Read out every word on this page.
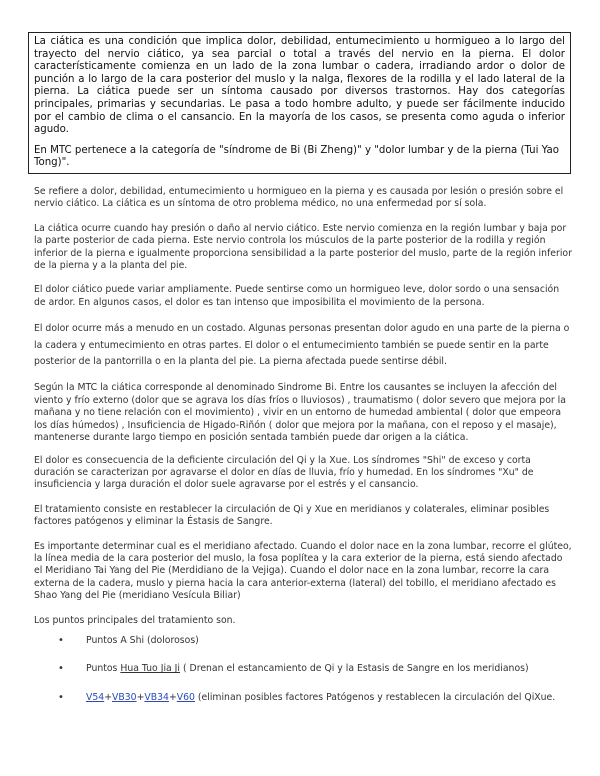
La ciática es una condición que implica dolor, debilidad, entumecimiento u hormigueo a lo largo del trayecto del nervio ciático, ya sea parcial o total a través del nervio en la pierna. El dolor característicamente comienza en un lado de la zona lumbar o cadera, irradiando ardor o dolor de punción a lo largo de la cara posterior del muslo y la nalga, flexores de la rodilla y el lado lateral de la pierna. La ciática puede ser un síntoma causado por diversos trastornos. Hay dos categorías principales, primarias y secundarias. Le pasa a todo hombre adulto, y puede ser fácilmente inducido por el cambio de clima o el cansancio. En la mayoría de los casos, se presenta como aguda o inferior agudo.

En MTC pertenece a la categoría de "síndrome de Bi (Bi Zheng)" y "dolor lumbar y de la pierna (Tui Yao Tong)".

Se refiere a dolor, debilidad, entumecimiento u hormigueo en la pierna y es causada por lesión o presión sobre el nervio ciático. La ciática es un síntoma de otro problema médico, no una enfermedad por sí sola.

La ciática ocurre cuando hay presión o daño al nervio ciático. Este nervio comienza en la región lumbar y baja por la parte posterior de cada pierna. Este nervio controla los músculos de la parte posterior de la rodilla y región inferior de la pierna e igualmente proporciona sensibilidad a la parte posterior del muslo, parte de la región inferior de la pierna y a la planta del pie.

El dolor ciático puede variar ampliamente. Puede sentirse como un hormigueo leve, dolor sordo o una sensación de ardor. En algunos casos, el dolor es tan intenso que imposibilita el movimiento de la persona.

El dolor ocurre más a menudo en un costado. Algunas personas presentan dolor agudo en una parte de la pierna o la cadera y entumecimiento en otras partes. El dolor o el entumecimiento también se puede sentir en la parte posterior de la pantorrilla o en la planta del pie. La pierna afectada puede sentirse débil.

Según la MTC la ciática corresponde al denominado Sindrome Bi. Entre los causantes se incluyen la afección del viento y frío externo (dolor que se agrava los días fríos o lluviosos) , traumatismo ( dolor severo que mejora por la mañana y no tiene relación con el movimiento) , vivir en un entorno de humedad ambiental ( dolor que empeora los días húmedos) , Insuficiencia de Higado-Riñón ( dolor que mejora por la mañana, con el reposo y el masaje), mantenerse durante largo tiempo en posición sentada también puede dar origen a la ciática.

El dolor es consecuencia de la deficiente circulación del Qi y la Xue. Los síndromes "Shi" de exceso y corta duración se caracterizan por agravarse el dolor en días de lluvia, frío y humedad. En los síndromes "Xu" de insuficiencia y larga duración el dolor suele agravarse por el estrés y el cansancio.

El tratamiento consiste en restablecer la circulación de Qi y Xue en meridianos y colaterales, eliminar posibles factores patógenos y eliminar la Éstasis de Sangre.

Es importante determinar cual es el meridiano afectado. Cuando el dolor nace en la zona lumbar, recorre el glúteo, la línea media de la cara posterior del muslo, la fosa poplítea y la cara exterior de la pierna, está siendo afectado el Meridiano Tai Yang del Pie (Merdidiano de la Vejiga). Cuando el dolor nace en la zona lumbar, recorre la cara externa de la cadera, muslo y pierna hacia la cara anterior-externa (lateral) del tobillo, el meridiano afectado es Shao Yang del Pie (meridiano Vesícula Biliar)

Los puntos principales del tratamiento son.

• Puntos A Shi (dolorosos)
• Puntos Hua Tuo Jia Ji ( Drenan el estancamiento de Qi y la Estasis de Sangre en los meridianos)
• V54+VB30+VB34+V60 (eliminan posibles factores Patógenos y restablecen la circulación del QiXue.
